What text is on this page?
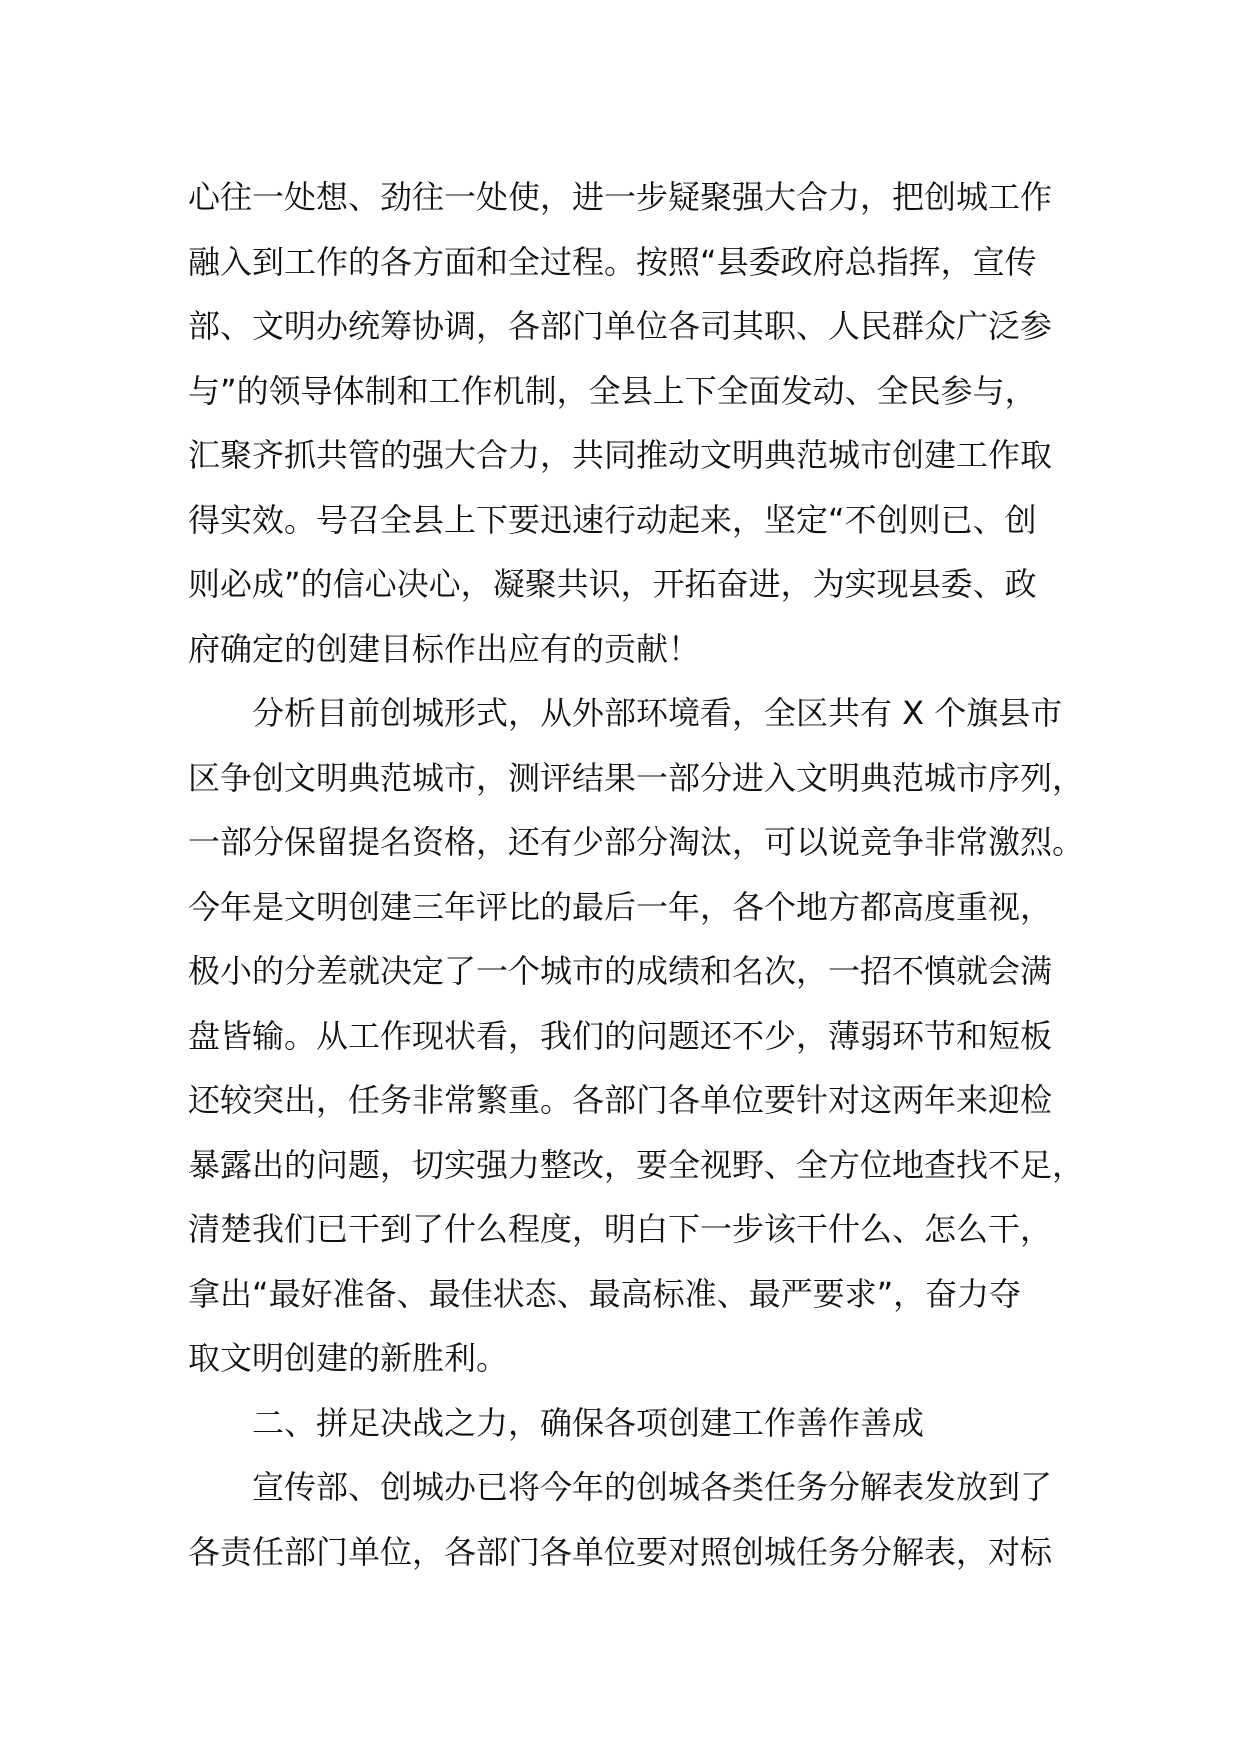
心往一处想、劲往一处使，进一步疑聚强大合力，把创城工作
融入到工作的各方面和全过程。按照“县委政府总指挥，宣传
部、文明办统筹协调，各部门单位各司其职、人民群众广泛参
与”的领导体制和工作机制，全县上下全面发动、全民参与，
汇聚齐抓共管的强大合力，共同推动文明典范城市创建工作取
得实效。号召全县上下要迅速行动起来，坚定“不创则已、创
则必成”的信心决心，凝聚共识，开拓奋进，为实现县委、政
府确定的创建目标作出应有的贡献！
分析目前创城形式，从外部环境看，全区共有 X 个旗县市
区争创文明典范城市，测评结果一部分进入文明典范城市序列，
一部分保留提名资格，还有少部分淘汰，可以说竞争非常激烈。
今年是文明创建三年评比的最后一年，各个地方都高度重视，
极小的分差就决定了一个城市的成绩和名次，一招不慎就会满
盘皆输。从工作现状看，我们的问题还不少，薄弱环节和短板
还较突出，任务非常繁重。各部门各单位要针对这两年来迎检
暴露出的问题，切实强力整改，要全视野、全方位地查找不足，
清楚我们已干到了什么程度，明白下一步该干什么、怎么干，
拿出“最好准备、最佳状态、最高标准、最严要求”，奋力夺
取文明创建的新胜利。
二、拼足决战之力，确保各项创建工作善作善成
宣传部、创城办已将今年的创城各类任务分解表发放到了
各责任部门单位，各部门各单位要对照创城任务分解表，对标
